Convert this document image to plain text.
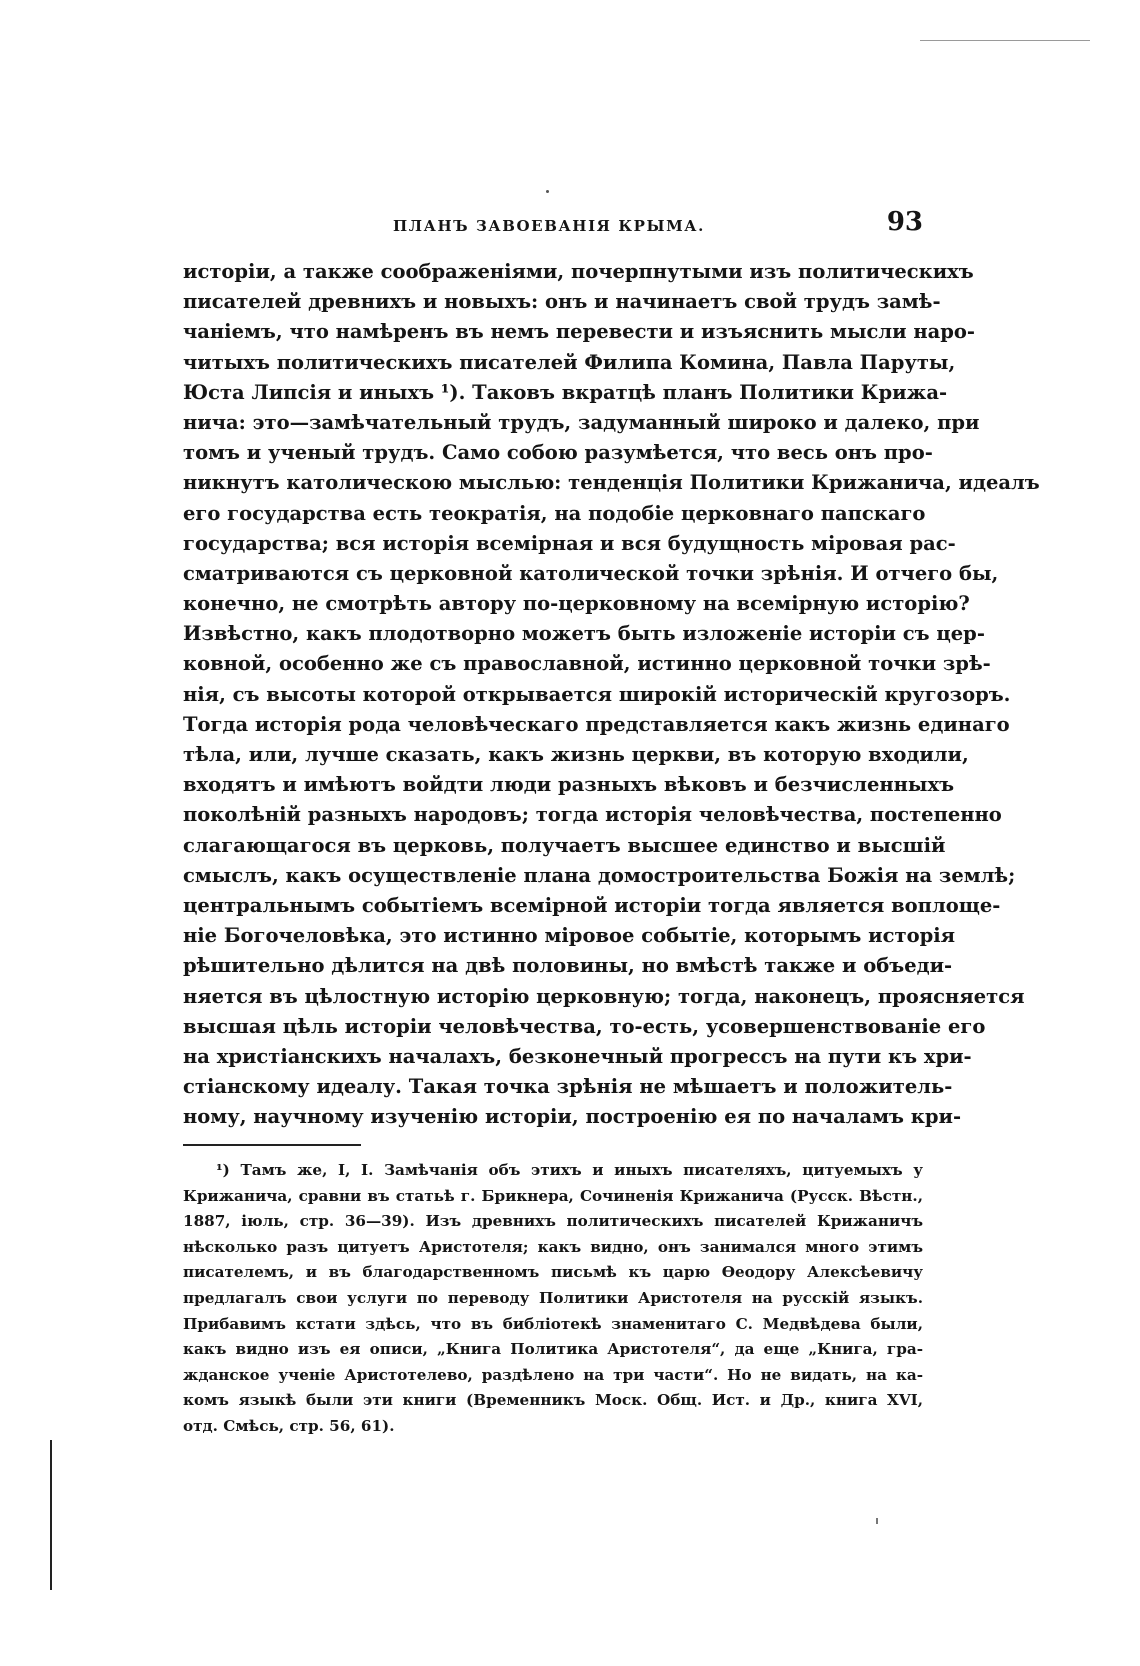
ПЛАНЪ ЗАВОЕВАНІЯ КРЫМА.	93
исторіи, а также соображеніями, почерпнутыми изъ политическихъ
писателей древнихъ и новыхъ: онъ и начинаетъ свой трудъ замѣ-
чаніемъ, что намѣренъ въ немъ перевести и изъяснить мысли наро-
читыхъ политическихъ писателей Филипа Комина, Павла Паруты,
Юста Липсія и иныхъ ¹). Таковъ вкратцѣ планъ Политики Крижа-
нича: это—замѣчательный трудъ, задуманный широко и далеко, при
томъ и ученый трудъ. Само собою разумѣется, что весь онъ про-
никнутъ католическою мыслью: тенденція Политики Крижанича, идеалъ
его государства есть теократія, на подобіе церковнаго папскаго
государства; вся исторія всемірная и вся будущность міровая рас-
сматриваются съ церковной католической точки зрѣнія. И отчего бы,
конечно, не смотрѣть автору по-церковному на всемірную исторію?
Извѣстно, какъ плодотворно можетъ быть изложеніе исторіи съ цер-
ковной, особенно же съ православной, истинно церковной точки зрѣ-
нія, съ высоты которой открывается широкій историческій кругозоръ.
Тогда исторія рода человѣческаго представляется какъ жизнь единаго
тѣла, или, лучше сказать, какъ жизнь церкви, въ которую входили,
входятъ и имѣютъ войдти люди разныхъ вѣковъ и безчисленныхъ
поколѣній разныхъ народовъ; тогда исторія человѣчества, постепенно
слагающагося въ церковь, получаетъ высшее единство и высшій
смыслъ, какъ осуществленіе плана домостроительства Божія на землѣ;
центральнымъ событіемъ всемірной исторіи тогда является воплоще-
ніе Богочеловѣка, это истинно міровое событіе, которымъ исторія
рѣшительно дѣлится на двѣ половины, но вмѣстѣ также и объеди-
няется въ цѣлостную исторію церковную; тогда, наконецъ, проясняется
высшая цѣль исторіи человѣчества, то-есть, усовершенствованіе его
на христіанскихъ началахъ, безконечный прогрессъ на пути къ хри-
стіанскому идеалу. Такая точка зрѣнія не мѣшаетъ и положитель-
ному, научному изученію исторіи, построенію ея по началамъ кри-
¹) Тамъ же, I, I. Замѣчанія объ этихъ и иныхъ писателяхъ, цитуемыхъ у
Крижанича, сравни въ статьѣ г. Брикнера, Сочиненія Крижанича (Русск. Вѣстн.,
1887, іюль, стр. 36—39). Изъ древнихъ политическихъ писателей Крижаничъ
нѣсколько разъ цитуетъ Аристотеля; какъ видно, онъ занимался много этимъ
писателемъ, и въ благодарственномъ письмѣ къ царю Ѳеодору Алексѣевичу
предлагалъ свои услуги по переводу Политики Аристотеля на русскій языкъ.
Прибавимъ кстати здѣсь, что въ библіотекѣ знаменитаго С. Медвѣдева были,
какъ видно изъ ея описи, „Книга Политика Аристотеля“, да еще „Книга, гра-
жданское ученіе Аристотелево, раздѣлено на три части“. Но не видать, на ка-
комъ языкѣ были эти книги (Временникъ Моск. Общ. Ист. и Др., книга XVI,
отд. Смѣсь, стр. 56, 61).
